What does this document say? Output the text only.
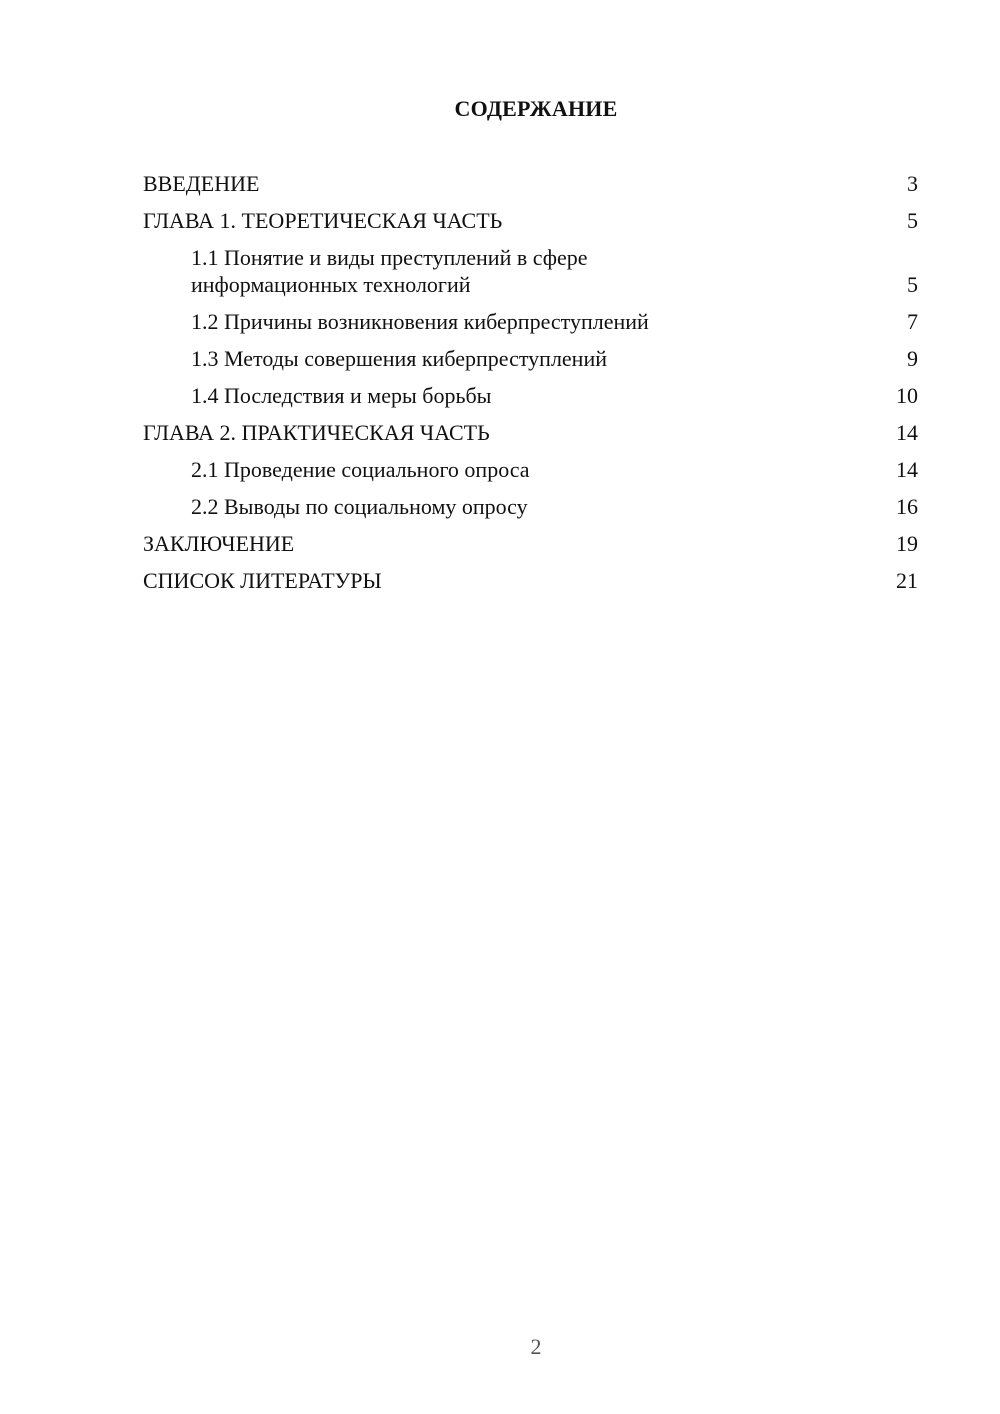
СОДЕРЖАНИЕ
ВВЕДЕНИЕ	3
ГЛАВА 1. ТЕОРЕТИЧЕСКАЯ ЧАСТЬ	5
1.1 Понятие и виды преступлений в сфере информационных технологий	5
1.2 Причины возникновения киберпреступлений	7
1.3 Методы совершения киберпреступлений	9
1.4 Последствия и меры борьбы	10
ГЛАВА 2. ПРАКТИЧЕСКАЯ ЧАСТЬ	14
2.1 Проведение социального опроса	14
2.2 Выводы по социальному опросу	16
ЗАКЛЮЧЕНИЕ	19
СПИСОК ЛИТЕРАТУРЫ	21
2
